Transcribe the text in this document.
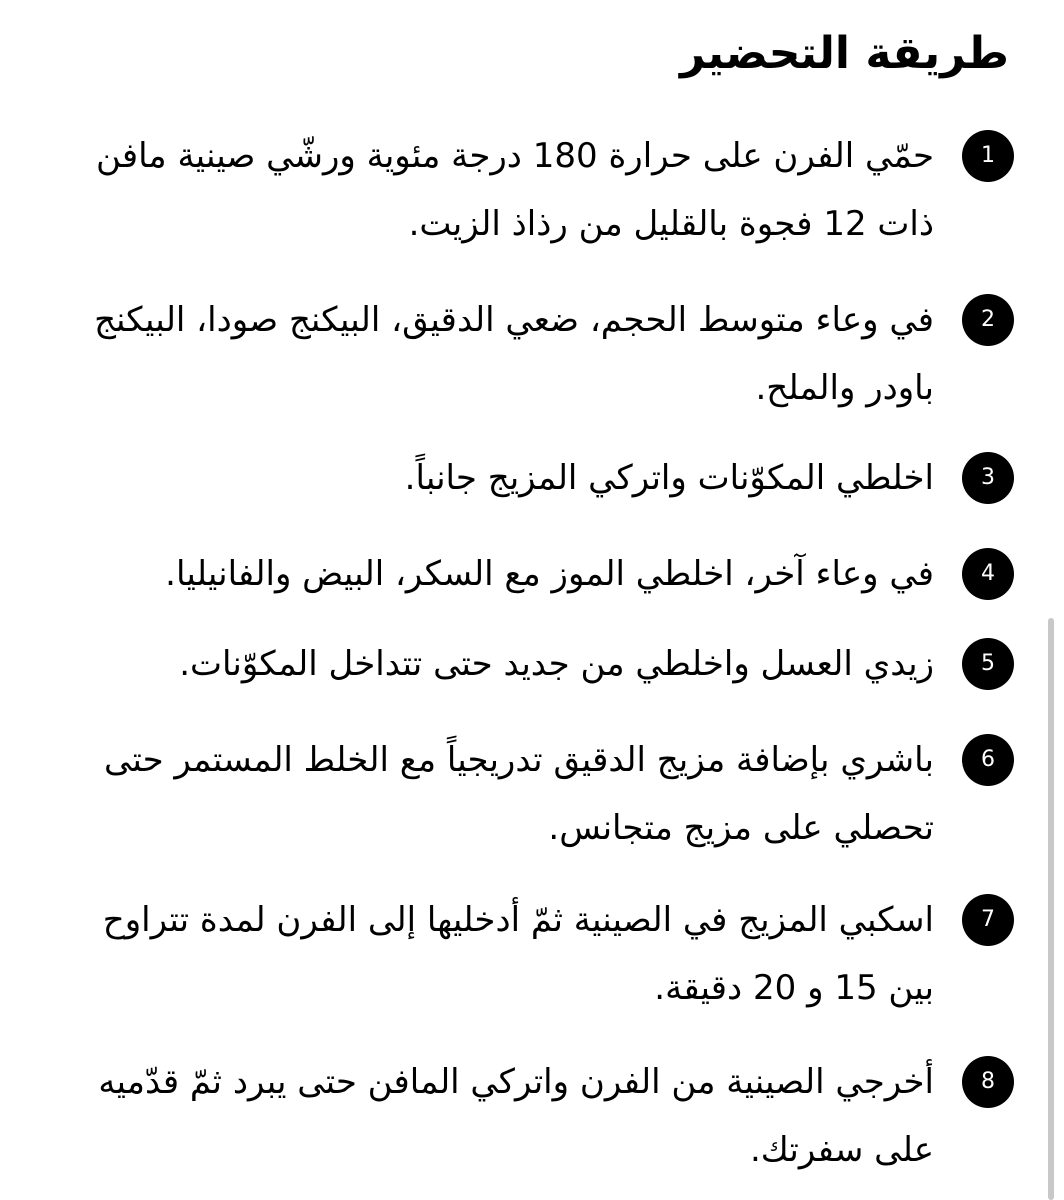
طريقة التحضير
1

حمّي الفرن على حرارة 180 درجة مئوية ورشّي صينية مافن ذات 12 فجوة بالقليل من رذاذ الزيت.

2

في وعاء متوسط الحجم، ضعي الدقيق، البيكنج صودا، البيكنج باودر والملح.

3

اخلطي المكوّنات واتركي المزيج جانباً.

4

في وعاء آخر، اخلطي الموز مع السكر، البيض والفانيليا.

5

زيدي العسل واخلطي من جديد حتى تتداخل المكوّنات.

6

باشري بإضافة مزيج الدقيق تدريجياً مع الخلط المستمر حتى تحصلي على مزيج متجانس.

7

اسكبي المزيج في الصينية ثمّ أدخليها إلى الفرن لمدة تتراوح بين 15 و 20 دقيقة.

8

أخرجي الصينية من الفرن واتركي المافن حتى يبرد ثمّ قدّميه على سفرتك.
